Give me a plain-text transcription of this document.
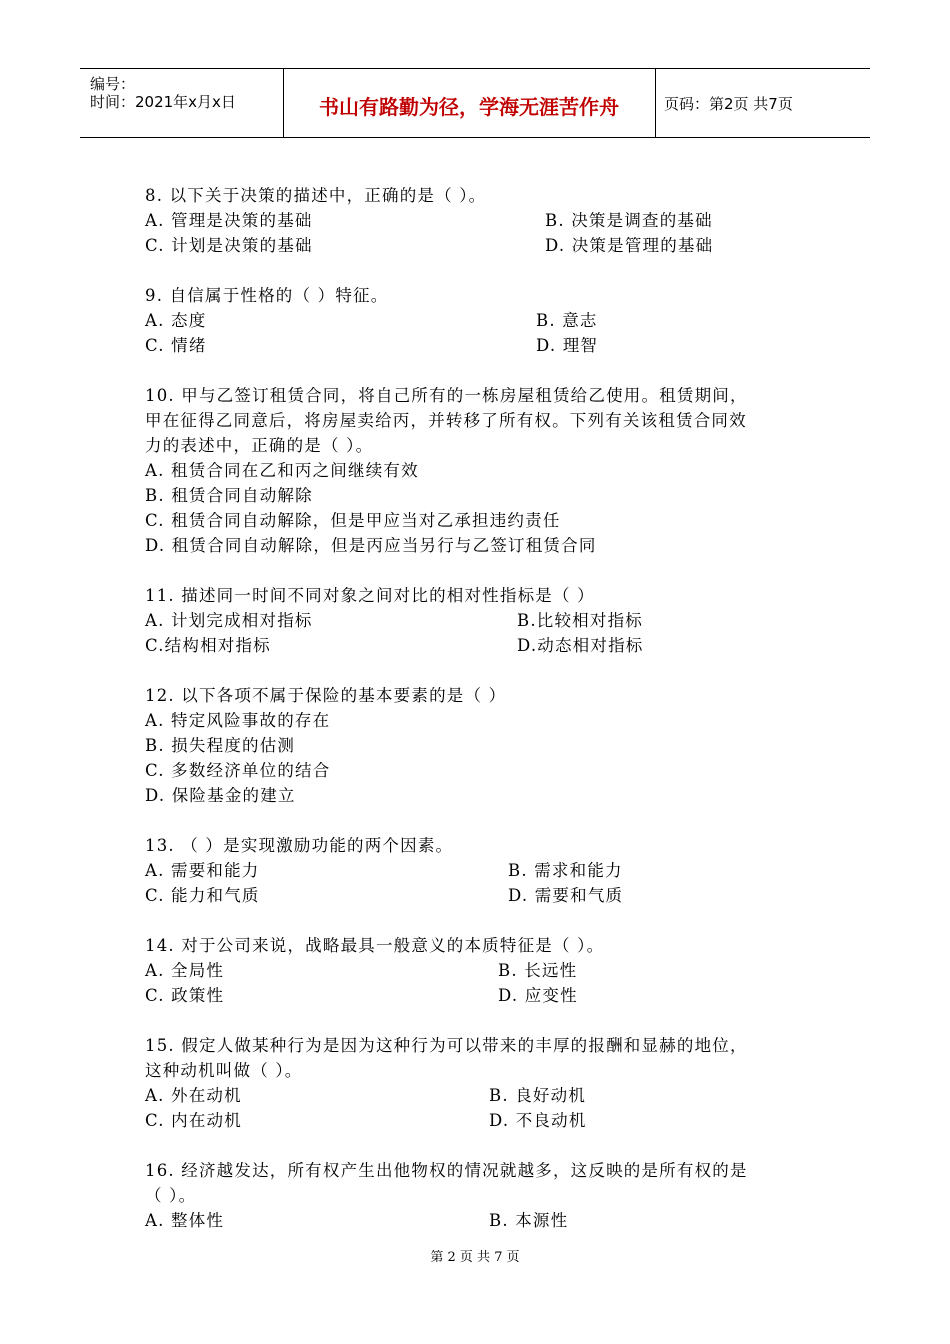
编号：
时间：2021年x月x日	书山有路勤为径，学海无涯苦作舟	页码：第2页 共7页
8. 以下关于决策的描述中，正确的是（ ）。
A. 管理是决策的基础	B. 决策是调查的基础
C. 计划是决策的基础	D. 决策是管理的基础
9. 自信属于性格的（ ）特征。
A. 态度	B. 意志
C. 情绪	D. 理智
10. 甲与乙签订租赁合同，将自己所有的一栋房屋租赁给乙使用。租赁期间，
甲在征得乙同意后，将房屋卖给丙，并转移了所有权。下列有关该租赁合同效
力的表述中，正确的是（ ）。
A. 租赁合同在乙和丙之间继续有效
B. 租赁合同自动解除
C. 租赁合同自动解除，但是甲应当对乙承担违约责任
D. 租赁合同自动解除，但是丙应当另行与乙签订租赁合同
11. 描述同一时间不同对象之间对比的相对性指标是（ ）
A. 计划完成相对指标	B.比较相对指标
C.结构相对指标	D.动态相对指标
12. 以下各项不属于保险的基本要素的是（ ）
A. 特定风险事故的存在
B. 损失程度的估测
C. 多数经济单位的结合
D. 保险基金的建立
13. （ ）是实现激励功能的两个因素。
A. 需要和能力	B. 需求和能力
C. 能力和气质	D. 需要和气质
14. 对于公司来说，战略最具一般意义的本质特征是（ ）。
A. 全局性	B. 长远性
C. 政策性	D. 应变性
15. 假定人做某种行为是因为这种行为可以带来的丰厚的报酬和显赫的地位，
这种动机叫做（ ）。
A. 外在动机	B. 良好动机
C. 内在动机	D. 不良动机
16. 经济越发达，所有权产生出他物权的情况就越多，这反映的是所有权的是
（ ）。
A. 整体性	B. 本源性
第 2 页 共 7 页
